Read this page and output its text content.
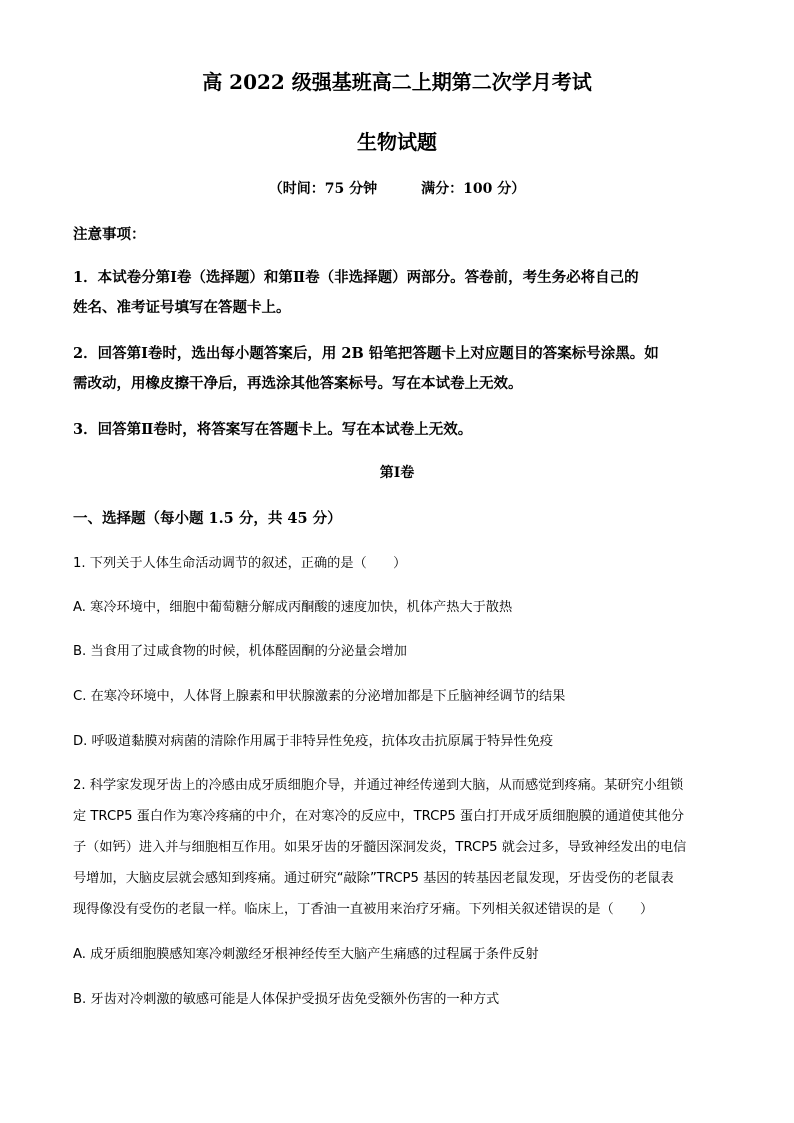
高 2022 级强基班高二上期第二次学月考试
生物试题
（时间：75 分钟	满分：100 分）
注意事项：
1．本试卷分第Ⅰ卷（选择题）和第Ⅱ卷（非选择题）两部分。答卷前，考生务必将自己的
姓名、准考证号填写在答题卡上。
2．回答第Ⅰ卷时，选出每小题答案后，用 2B 铅笔把答题卡上对应题目的答案标号涂黑。如
需改动，用橡皮擦干净后，再选涂其他答案标号。写在本试卷上无效。
3．回答第Ⅱ卷时，将答案写在答题卡上。写在本试卷上无效。
第Ⅰ卷
一、选择题（每小题 1.5 分，共 45 分）
1. 下列关于人体生命活动调节的叙述，正确的是（　　）
A. 寒冷环境中，细胞中葡萄糖分解成丙酮酸的速度加快，机体产热大于散热
B. 当食用了过咸食物的时候，机体醛固酮的分泌量会增加
C. 在寒冷环境中，人体肾上腺素和甲状腺激素的分泌增加都是下丘脑神经调节的结果
D. 呼吸道黏膜对病菌的清除作用属于非特异性免疫，抗体攻击抗原属于特异性免疫
2. 科学家发现牙齿上的冷感由成牙质细胞介导，并通过神经传递到大脑，从而感觉到疼痛。某研究小组锁
定 TRCP5 蛋白作为寒冷疼痛的中介，在对寒冷的反应中，TRCP5 蛋白打开成牙质细胞膜的通道使其他分
子（如钙）进入并与细胞相互作用。如果牙齿的牙髓因深洞发炎，TRCP5 就会过多，导致神经发出的电信
号增加，大脑皮层就会感知到疼痛。通过研究“敲除”TRCP5 基因的转基因老鼠发现，牙齿受伤的老鼠表
现得像没有受伤的老鼠一样。临床上，丁香油一直被用来治疗牙痛。下列相关叙述错误的是（　　）
A. 成牙质细胞膜感知寒冷刺激经牙根神经传至大脑产生痛感的过程属于条件反射
B. 牙齿对冷刺激的敏感可能是人体保护受损牙齿免受额外伤害的一种方式
